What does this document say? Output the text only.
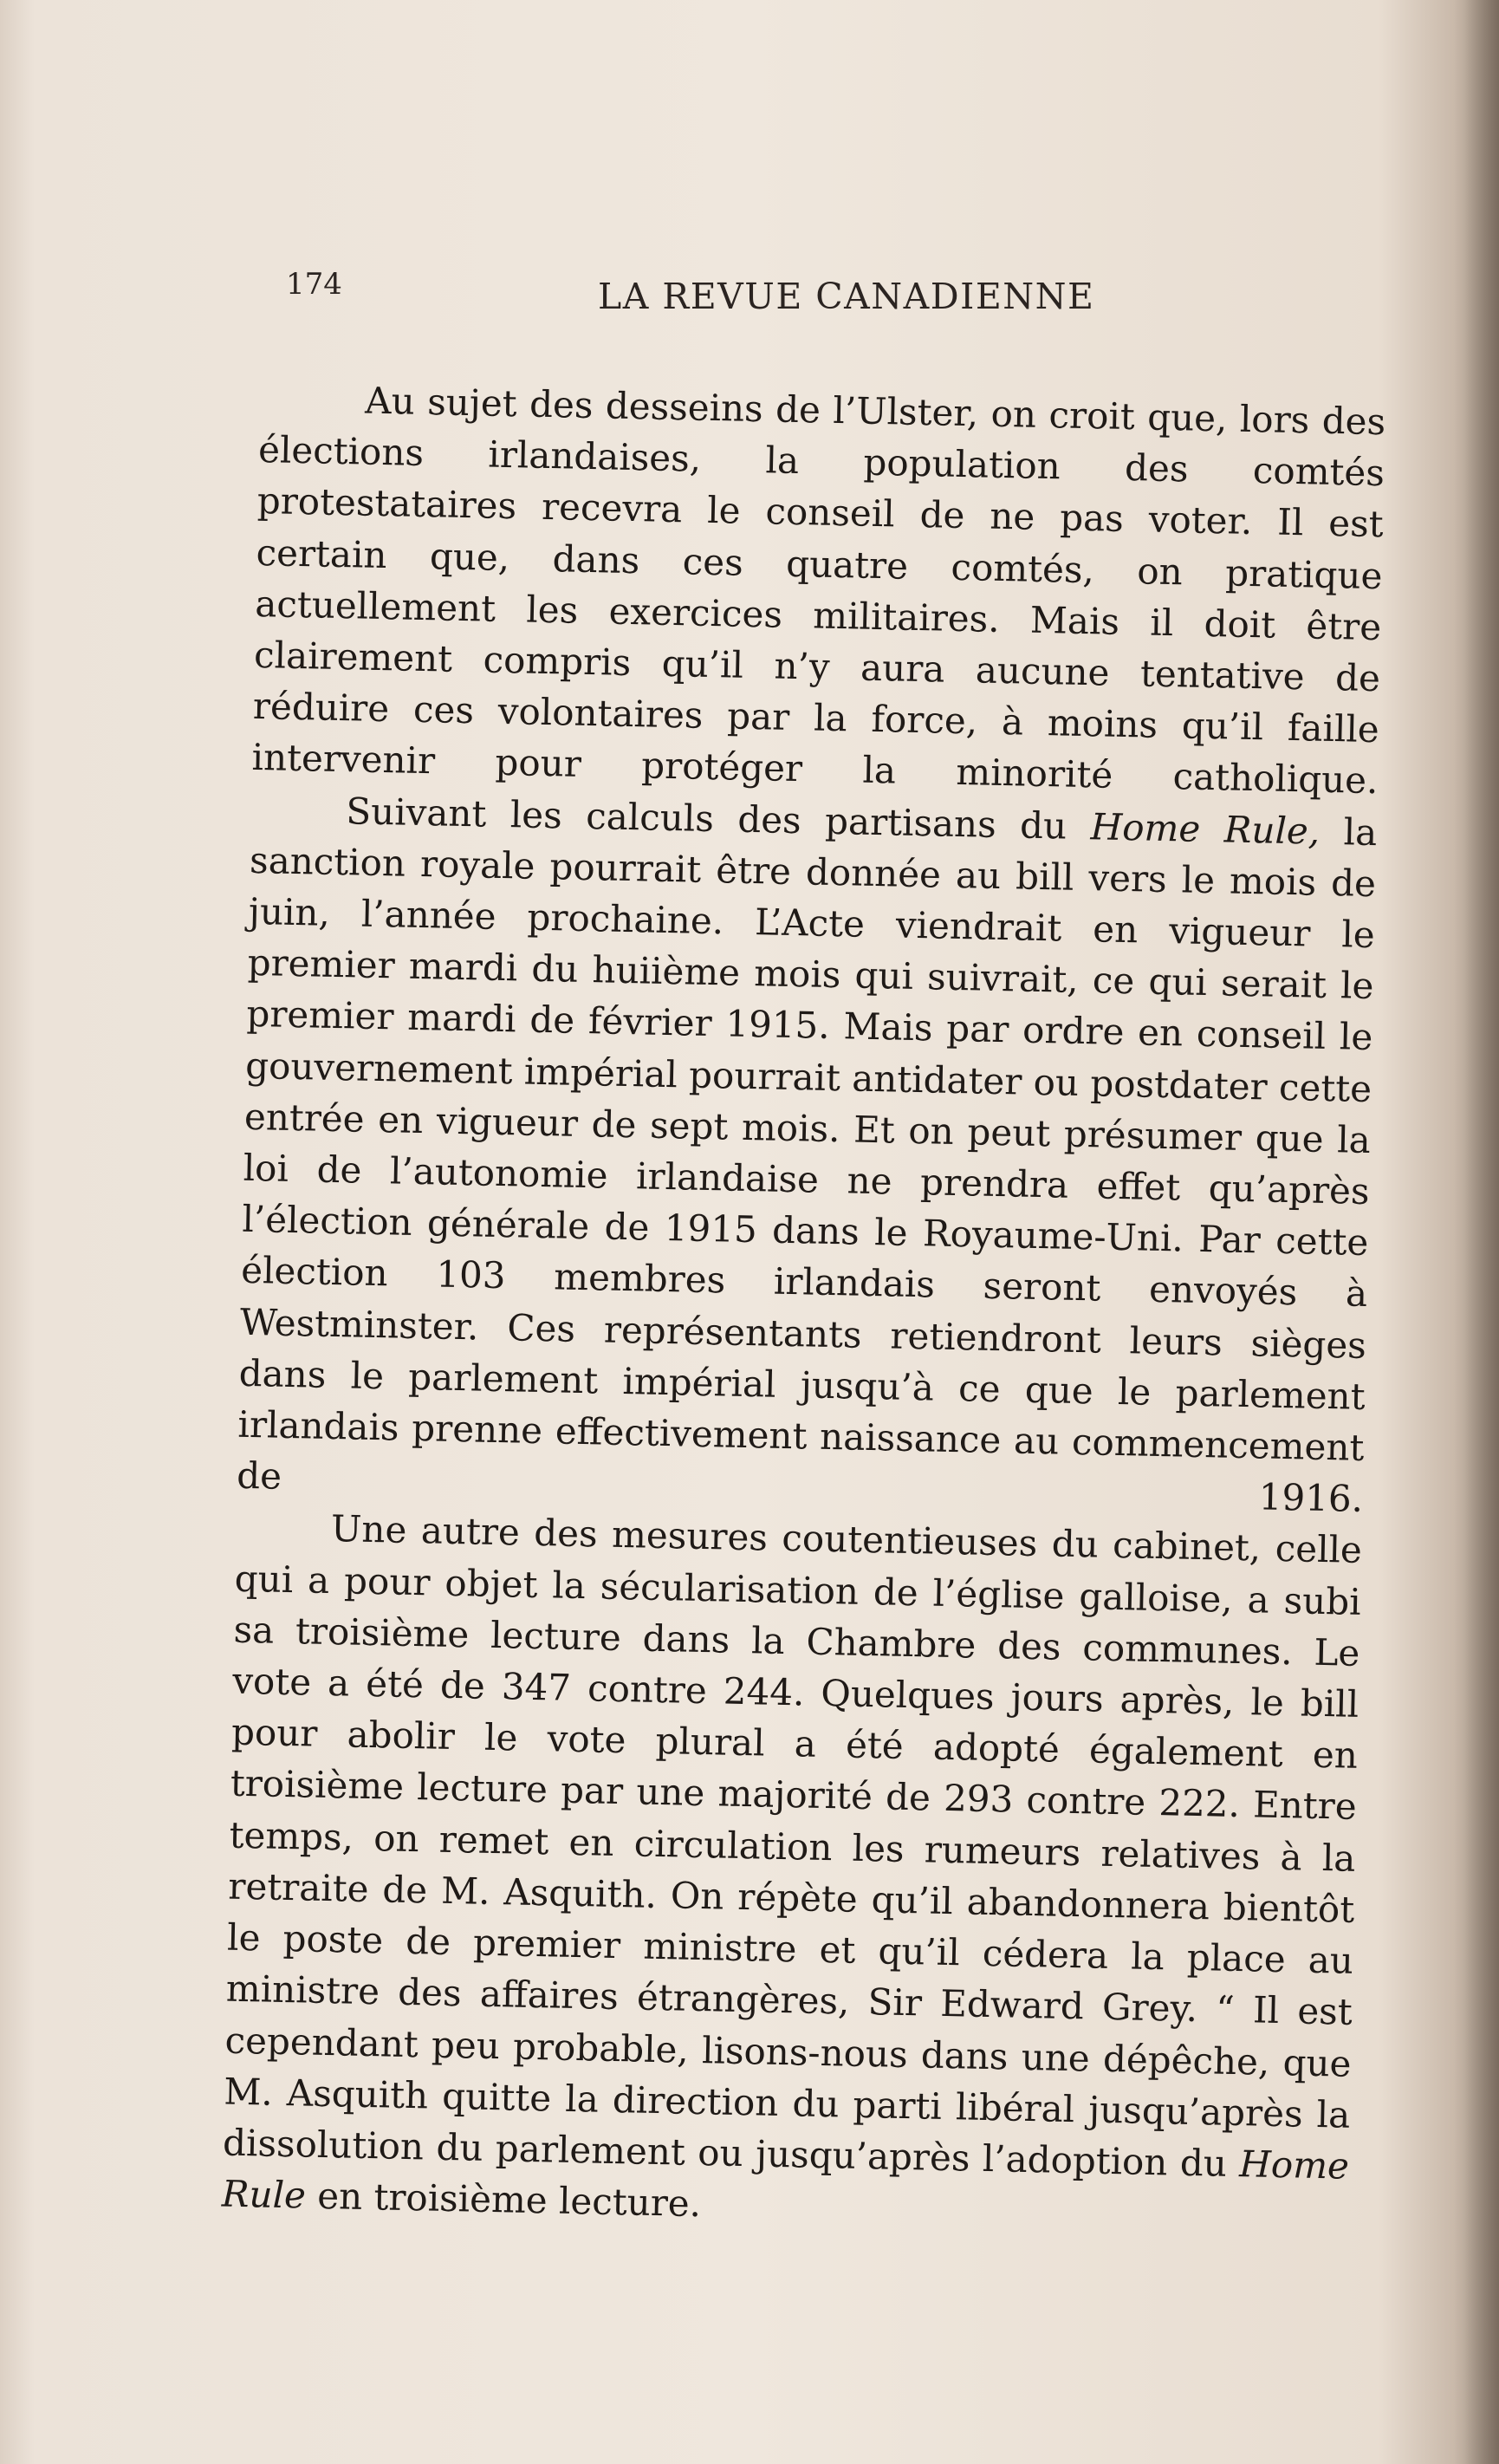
174	LA REVUE CANADIENNE

Au sujet des desseins de l’Ulster, on croit que, lors des élections irlandaises, la population des comtés protestataires recevra le conseil de ne pas voter. Il est certain que, dans ces quatre comtés, on pratique actuellement les exercices militaires. Mais il doit être clairement compris qu’il n’y aura aucune tentative de réduire ces volontaires par la force, à moins qu’il faille intervenir pour protéger la minorité catholique.

Suivant les calculs des partisans du Home Rule, la sanction royale pourrait être donnée au bill vers le mois de juin, l’année prochaine. L’Acte viendrait en vigueur le premier mardi du huiième mois qui suivrait, ce qui serait le premier mardi de février 1915. Mais par ordre en conseil le gouvernement impérial pourrait antidater ou postdater cette entrée en vigueur de sept mois. Et on peut présumer que la loi de l’autonomie irlandaise ne prendra effet qu’après l’élection générale de 1915 dans le Royaume-Uni. Par cette élection 103 membres irlandais seront envoyés à Westminster. Ces représentants retiendront leurs sièges dans le parlement impérial jusqu’à ce que le parlement irlandais prenne effectivement naissance au commencement de 1916.

Une autre des mesures coutentieuses du cabinet, celle qui a pour objet la sécularisation de l’église galloise, a subi sa troisième lecture dans la Chambre des communes. Le vote a été de 347 contre 244. Quelques jours après, le bill pour abolir le vote plural a été adopté également en troisième lecture par une majorité de 293 contre 222. Entre temps, on remet en circulation les rumeurs relatives à la retraite de M. Asquith. On répète qu’il abandonnera bientôt le poste de premier ministre et qu’il cédera la place au ministre des affaires étrangères, Sir Edward Grey. “ Il est cependant peu probable, lisons-nous dans une dépêche, que M. Asquith quitte la direction du parti libéral jusqu’après la dissolution du parlement ou jusqu’après l’adoption du Home Rule en troisième lecture.
